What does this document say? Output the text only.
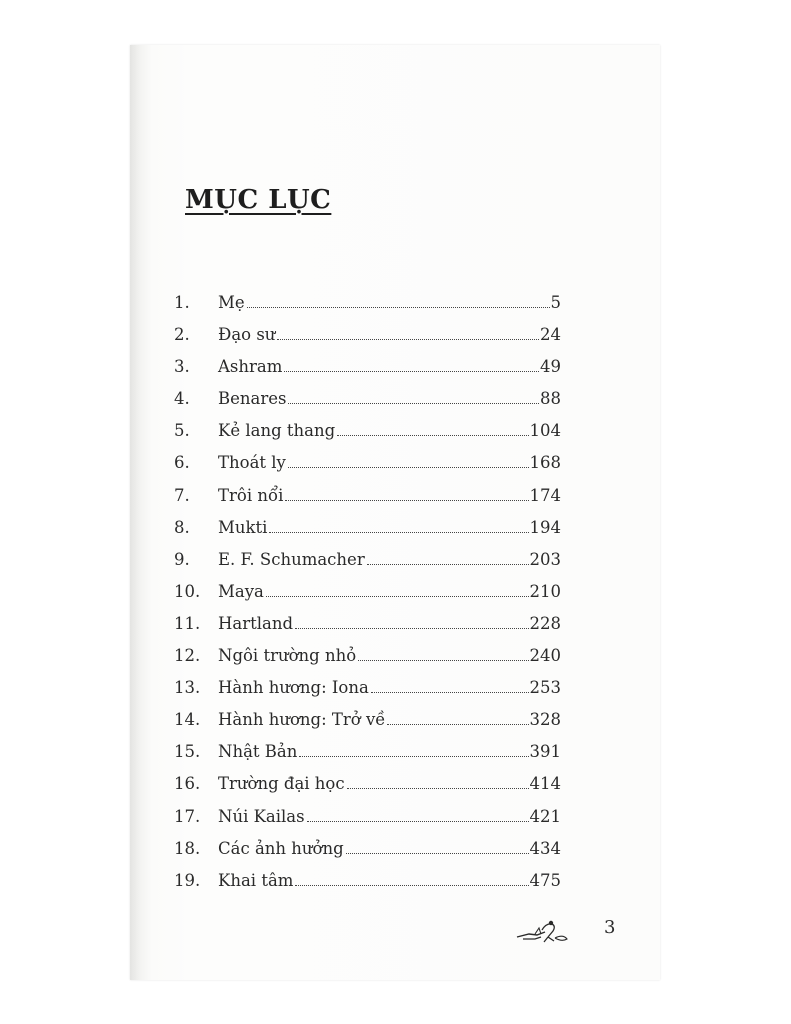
MỤC LỤC
1.	Mẹ	5
2.	Đạo sư	24
3.	Ashram	49
4.	Benares	88
5.	Kẻ lang thang	104
6.	Thoát ly	168
7.	Trôi nổi	174
8.	Mukti	194
9.	E. F. Schumacher	203
10.	Maya	210
11.	Hartland	228
12.	Ngôi trường nhỏ	240
13.	Hành hương: Iona	253
14.	Hành hương: Trở về	328
15.	Nhật Bản	391
16.	Trường đại học	414
17.	Núi Kailas	421
18.	Các ảnh hưởng	434
19.	Khai tâm	475
3
